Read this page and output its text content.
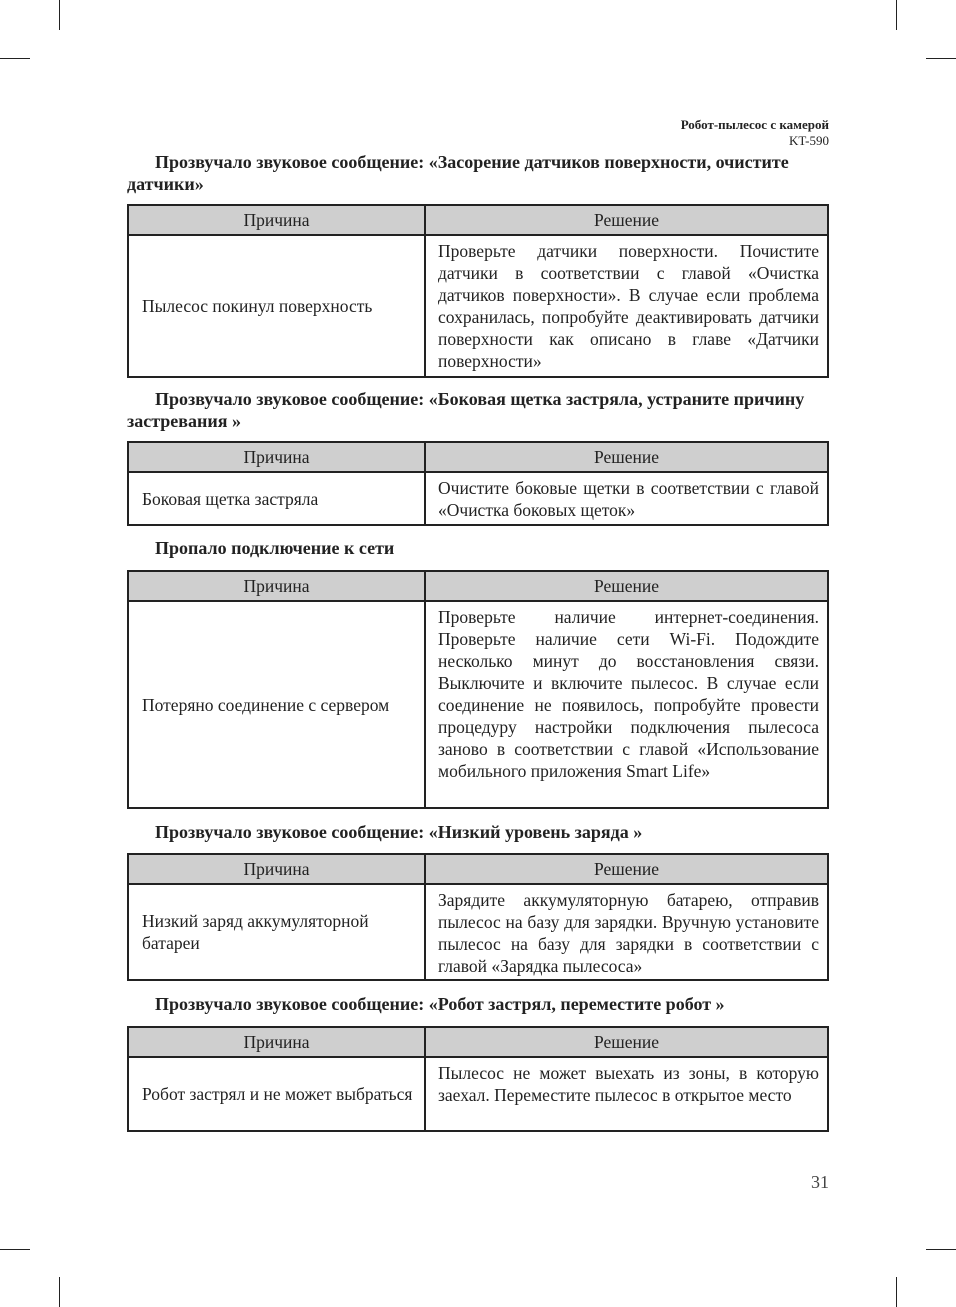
Робот-пылесос с камерой
KT-590
Прозвучало звуковое сообщение: «Засорение датчиков поверхности, очистите датчики»
Причина	Решение
Пылесос покинул поверхность	Проверьте датчики поверхности. Почистите датчики в соответствии с главой «Очистка датчиков поверхности». В случае если проблема сохранилась, попробуйте деактивировать датчики поверхности как описано в главе «Датчики поверхности»
Прозвучало звуковое сообщение: «Боковая щетка застряла, устраните причину застревания »
Причина	Решение
Боковая щетка застряла	Очистите боковые щетки в соответствии с главой «Очистка боковых щеток»
Пропало подключение к сети
Причина	Решение
Потеряно соединение с сервером	Проверьте наличие интернет-соединения. Проверьте наличие сети Wi-Fi. Подождите несколько минут до восстановления связи. Выключите и включите пылесос. В случае если соединение не появилось, попробуйте провести процедуру настройки подключения пылесоса заново в соответствии с главой «Использование мобильного приложения Smart Life»
Прозвучало звуковое сообщение: «Низкий уровень заряда »
Причина	Решение
Низкий заряд аккумуляторной батареи	Зарядите аккумуляторную батарею, отправив пылесос на базу для зарядки. Вручную установите пылесос на базу для зарядки в соответствии с главой «Зарядка пылесоса»
Прозвучало звуковое сообщение: «Робот застрял, переместите робот »
Причина	Решение
Робот застрял и не может выбраться	Пылесос не может выехать из зоны, в которую заехал. Переместите пылесос в открытое место
31
